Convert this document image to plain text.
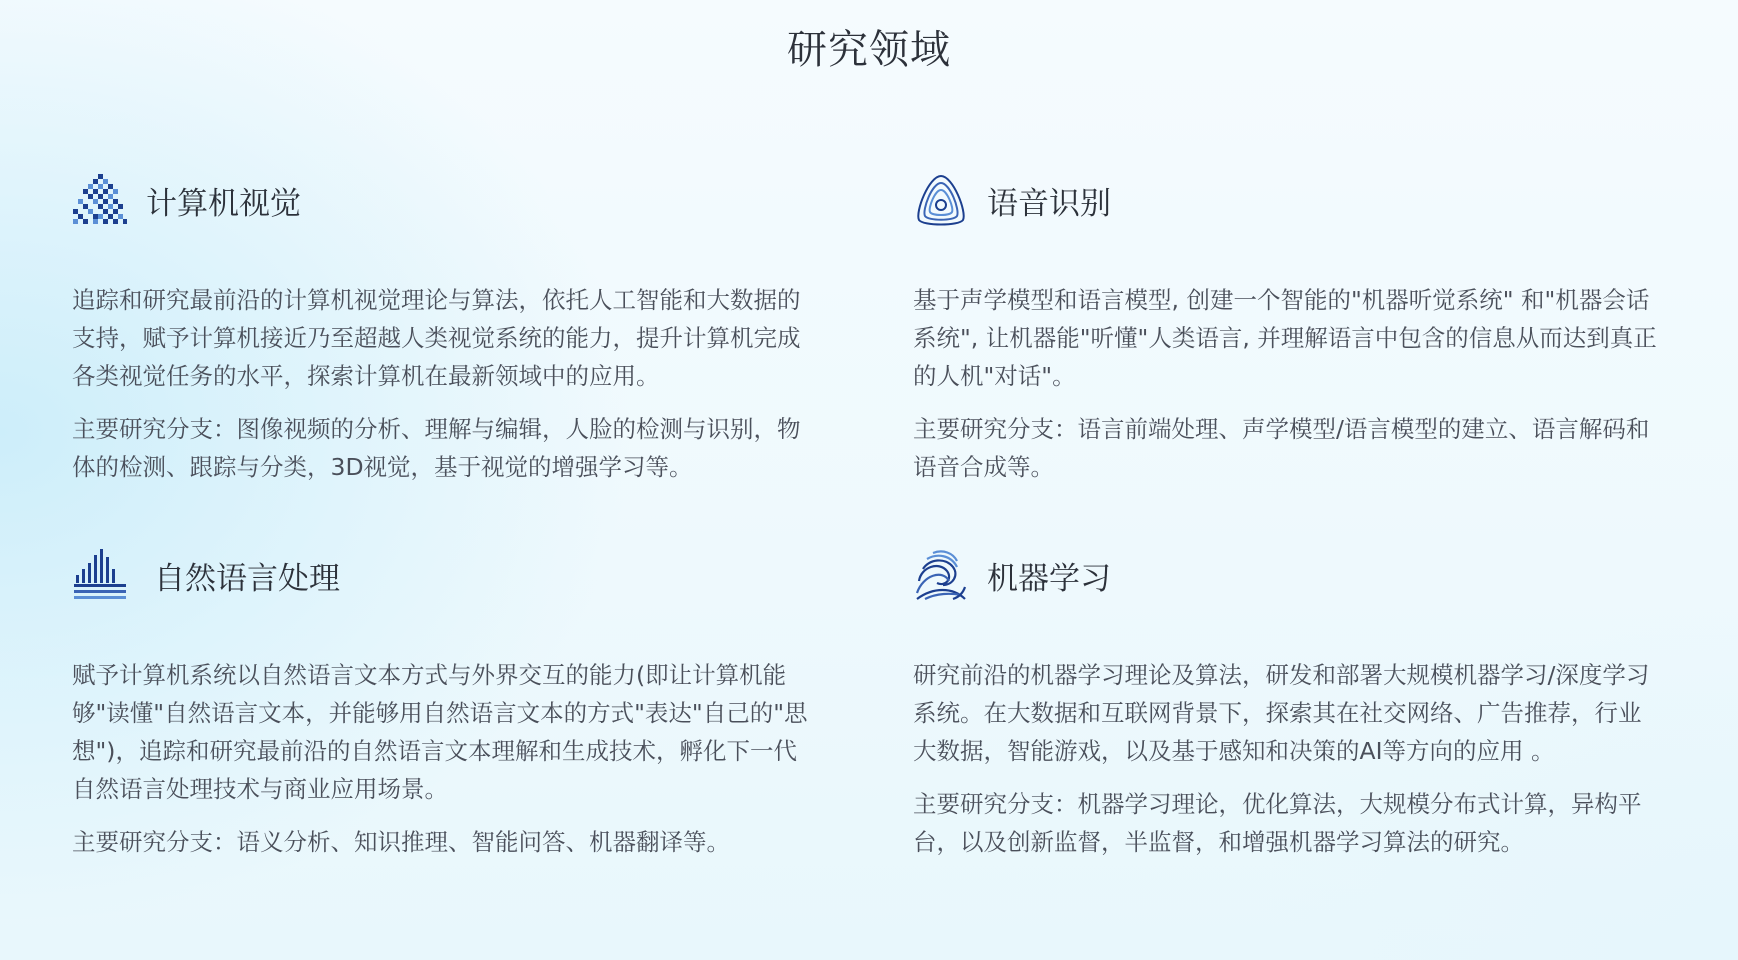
研究领域
计算机视觉

追踪和研究最前沿的计算机视觉理论与算法，依托人工智能和大数据的支持，赋予计算机接近乃至超越人类视觉系统的能力，提升计算机完成各类视觉任务的水平，探索计算机在最新领域中的应用。

主要研究分支：图像视频的分析、理解与编辑，人脸的检测与识别，物体的检测、跟踪与分类，3D视觉，基于视觉的增强学习等。

语音识别

基于声学模型和语言模型, 创建一个智能的"机器听觉系统" 和"机器会话系统", 让机器能"听懂"人类语言, 并理解语言中包含的信息从而达到真正的人机"对话"。

主要研究分支：语言前端处理、声学模型/语言模型的建立、语言解码和语音合成等。

自然语言处理

赋予计算机系统以自然语言文本方式与外界交互的能力(即让计算机能够"读懂"自然语言文本，并能够用自然语言文本的方式"表达"自己的"思想")，追踪和研究最前沿的自然语言文本理解和生成技术，孵化下一代自然语言处理技术与商业应用场景。

主要研究分支：语义分析、知识推理、智能问答、机器翻译等。

机器学习

研究前沿的机器学习理论及算法，研发和部署大规模机器学习/深度学习系统。在大数据和互联网背景下，探索其在社交网络、广告推荐，行业大数据，智能游戏，以及基于感知和决策的AI等方向的应用 。

主要研究分支：机器学习理论，优化算法，大规模分布式计算，异构平台，以及创新监督，半监督，和增强机器学习算法的研究。
